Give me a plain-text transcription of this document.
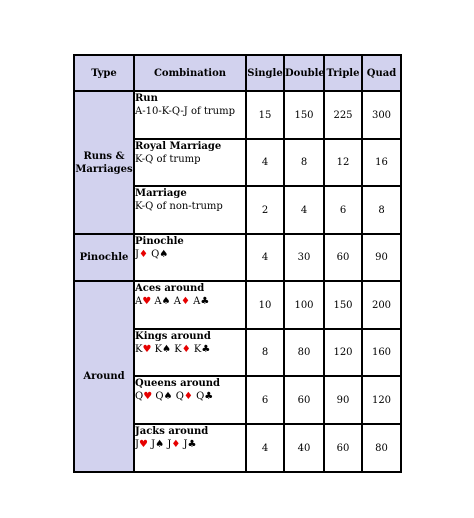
Type	Combination	Single	Double	Triple	Quad
Runs & Marriages	Run
A-10-K-Q-J of trump	15	150	225	300

	Royal Marriage
K-Q of trump	4	8	12	16

	Marriage
K-Q of non-trump	2	4	6	8
Pinochle	Pinochle
J♦ Q♠	4	30	60	90
Around	Aces around
A♥ A♠ A♦ A♣	10	100	150	200

	Kings around
K♥ K♠ K♦ K♣	8	80	120	160

	Queens around
Q♥ Q♠ Q♦ Q♣	6	60	90	120

	Jacks around
J♥ J♠ J♦ J♣	4	40	60	80
